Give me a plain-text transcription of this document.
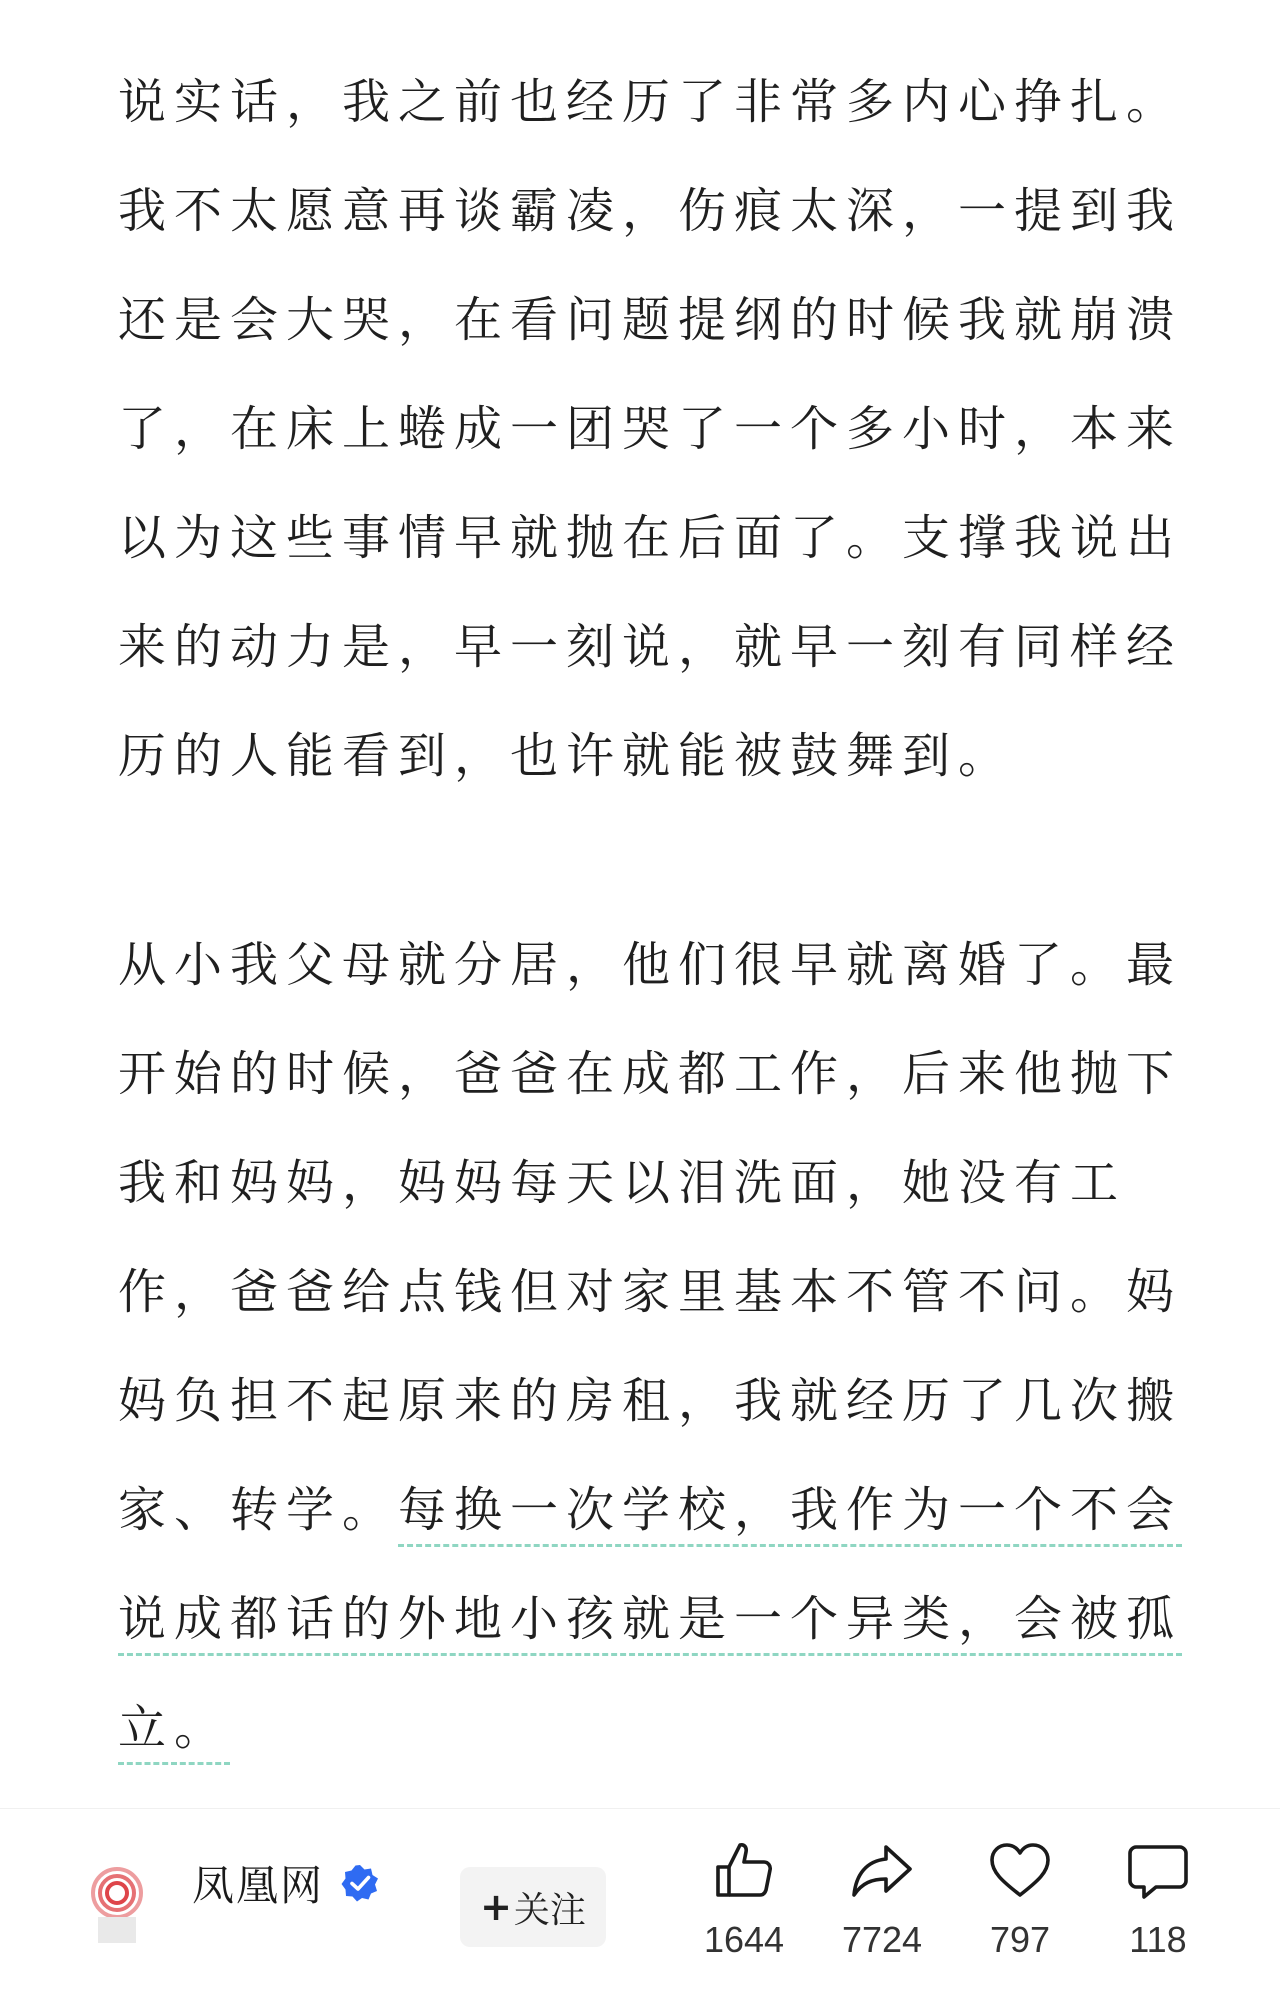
说实话，我之前也经历了非常多内心挣扎。

我不太愿意再谈霸凌，伤痕太深，一提到我

还是会大哭，在看问题提纲的时候我就崩溃

了，在床上蜷成一团哭了一个多小时，本来

以为这些事情早就抛在后面了。支撑我说出

来的动力是，早一刻说，就早一刻有同样经

历的人能看到，也许就能被鼓舞到。

从小我父母就分居，他们很早就离婚了。最

开始的时候，爸爸在成都工作，后来他抛下

我和妈妈，妈妈每天以泪洗面，她没有工

作，爸爸给点钱但对家里基本不管不问。妈

妈负担不起原来的房租，我就经历了几次搬

家、转学。每换一次学校，我作为一个不会

说成都话的外地小孩就是一个异类，会被孤

立。

凤凰网	+ 关注
1644	7724	797	118
